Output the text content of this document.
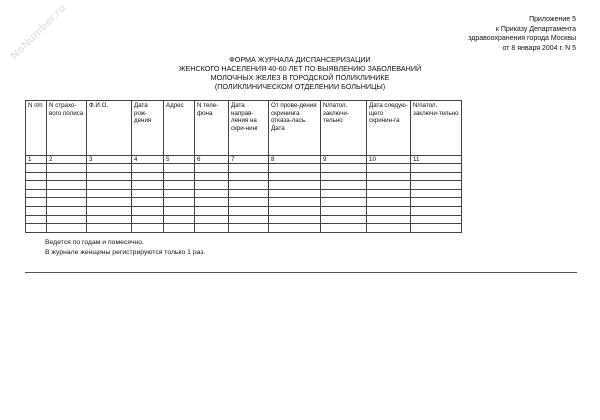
NoNumber.ru	Приложение 5
к Приказу Департамента
здравоохранения города Москвы
от 8 января 2004 г. N 5
ФОРМА ЖУРНАЛА ДИСПАНСЕРИЗАЦИИ
ЖЕНСКОГО НАСЕЛЕНИЯ 40-60 ЛЕТ ПО ВЫЯВЛЕНИЮ ЗАБОЛЕВАНИЙ
МОЛОЧНЫХ ЖЕЛЕЗ В ГОРОДСКОЙ ПОЛИКЛИНИКЕ
(ПОЛИКЛИНИЧЕСКОМ ОТДЕЛЕНИИ БОЛЬНИЦЫ)
N п/п	N страхо-вого полиса	Ф.И.О.	Дата рож-дения	Адрес	N теле-фона	Дата направ-ления на скри-нинг	От прове-дения скрининга отказа-лась. Дата	N/патол. заключи-тельно	Дата следую-щего скринин-га	N/патол. заключи-тельно
1	2	3	4	5	6	7	8	9	10	11

Ведется по годам и помесячно.
В журнале женщины регистрируются только 1 раз.
